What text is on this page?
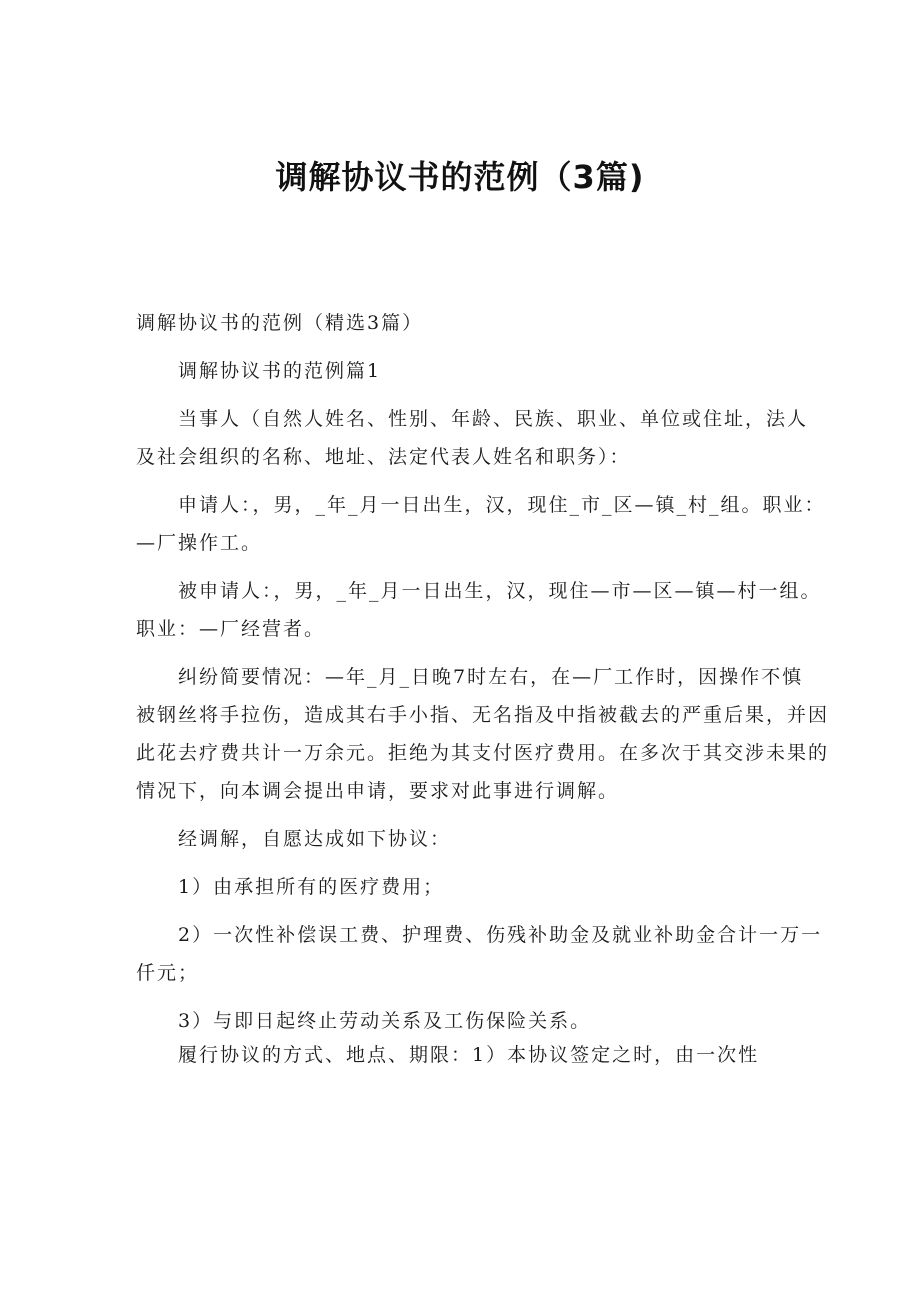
调解协议书的范例（3篇)

调解协议书的范例（精选3篇）

调解协议书的范例篇1

当事人（自然人姓名、性别、年龄、民族、职业、单位或住址，法人

及社会组织的名称、地址、法定代表人姓名和职务）：

申请人：，男，_年_月一日出生，汉，现住_市_区—镇_村_组。职业：

—厂操作工。

被申请人：，男，_年_月一日出生，汉，现住—市—区—镇—村一组。

职业：—厂经营者。

纠纷简要情况：—年_月_日晚7时左右，在—厂工作时，因操作不慎

被钢丝将手拉伤，造成其右手小指、无名指及中指被截去的严重后果，并因

此花去疗费共计一万余元。拒绝为其支付医疗费用。在多次于其交涉未果的

情况下，向本调会提出申请，要求对此事进行调解。

经调解，自愿达成如下协议：

1）由承担所有的医疗费用；

2）一次性补偿误工费、护理费、伤残补助金及就业补助金合计一万一

仟元；

3）与即日起终止劳动关系及工伤保险关系。

履行协议的方式、地点、期限：1）本协议签定之时，由一次性
